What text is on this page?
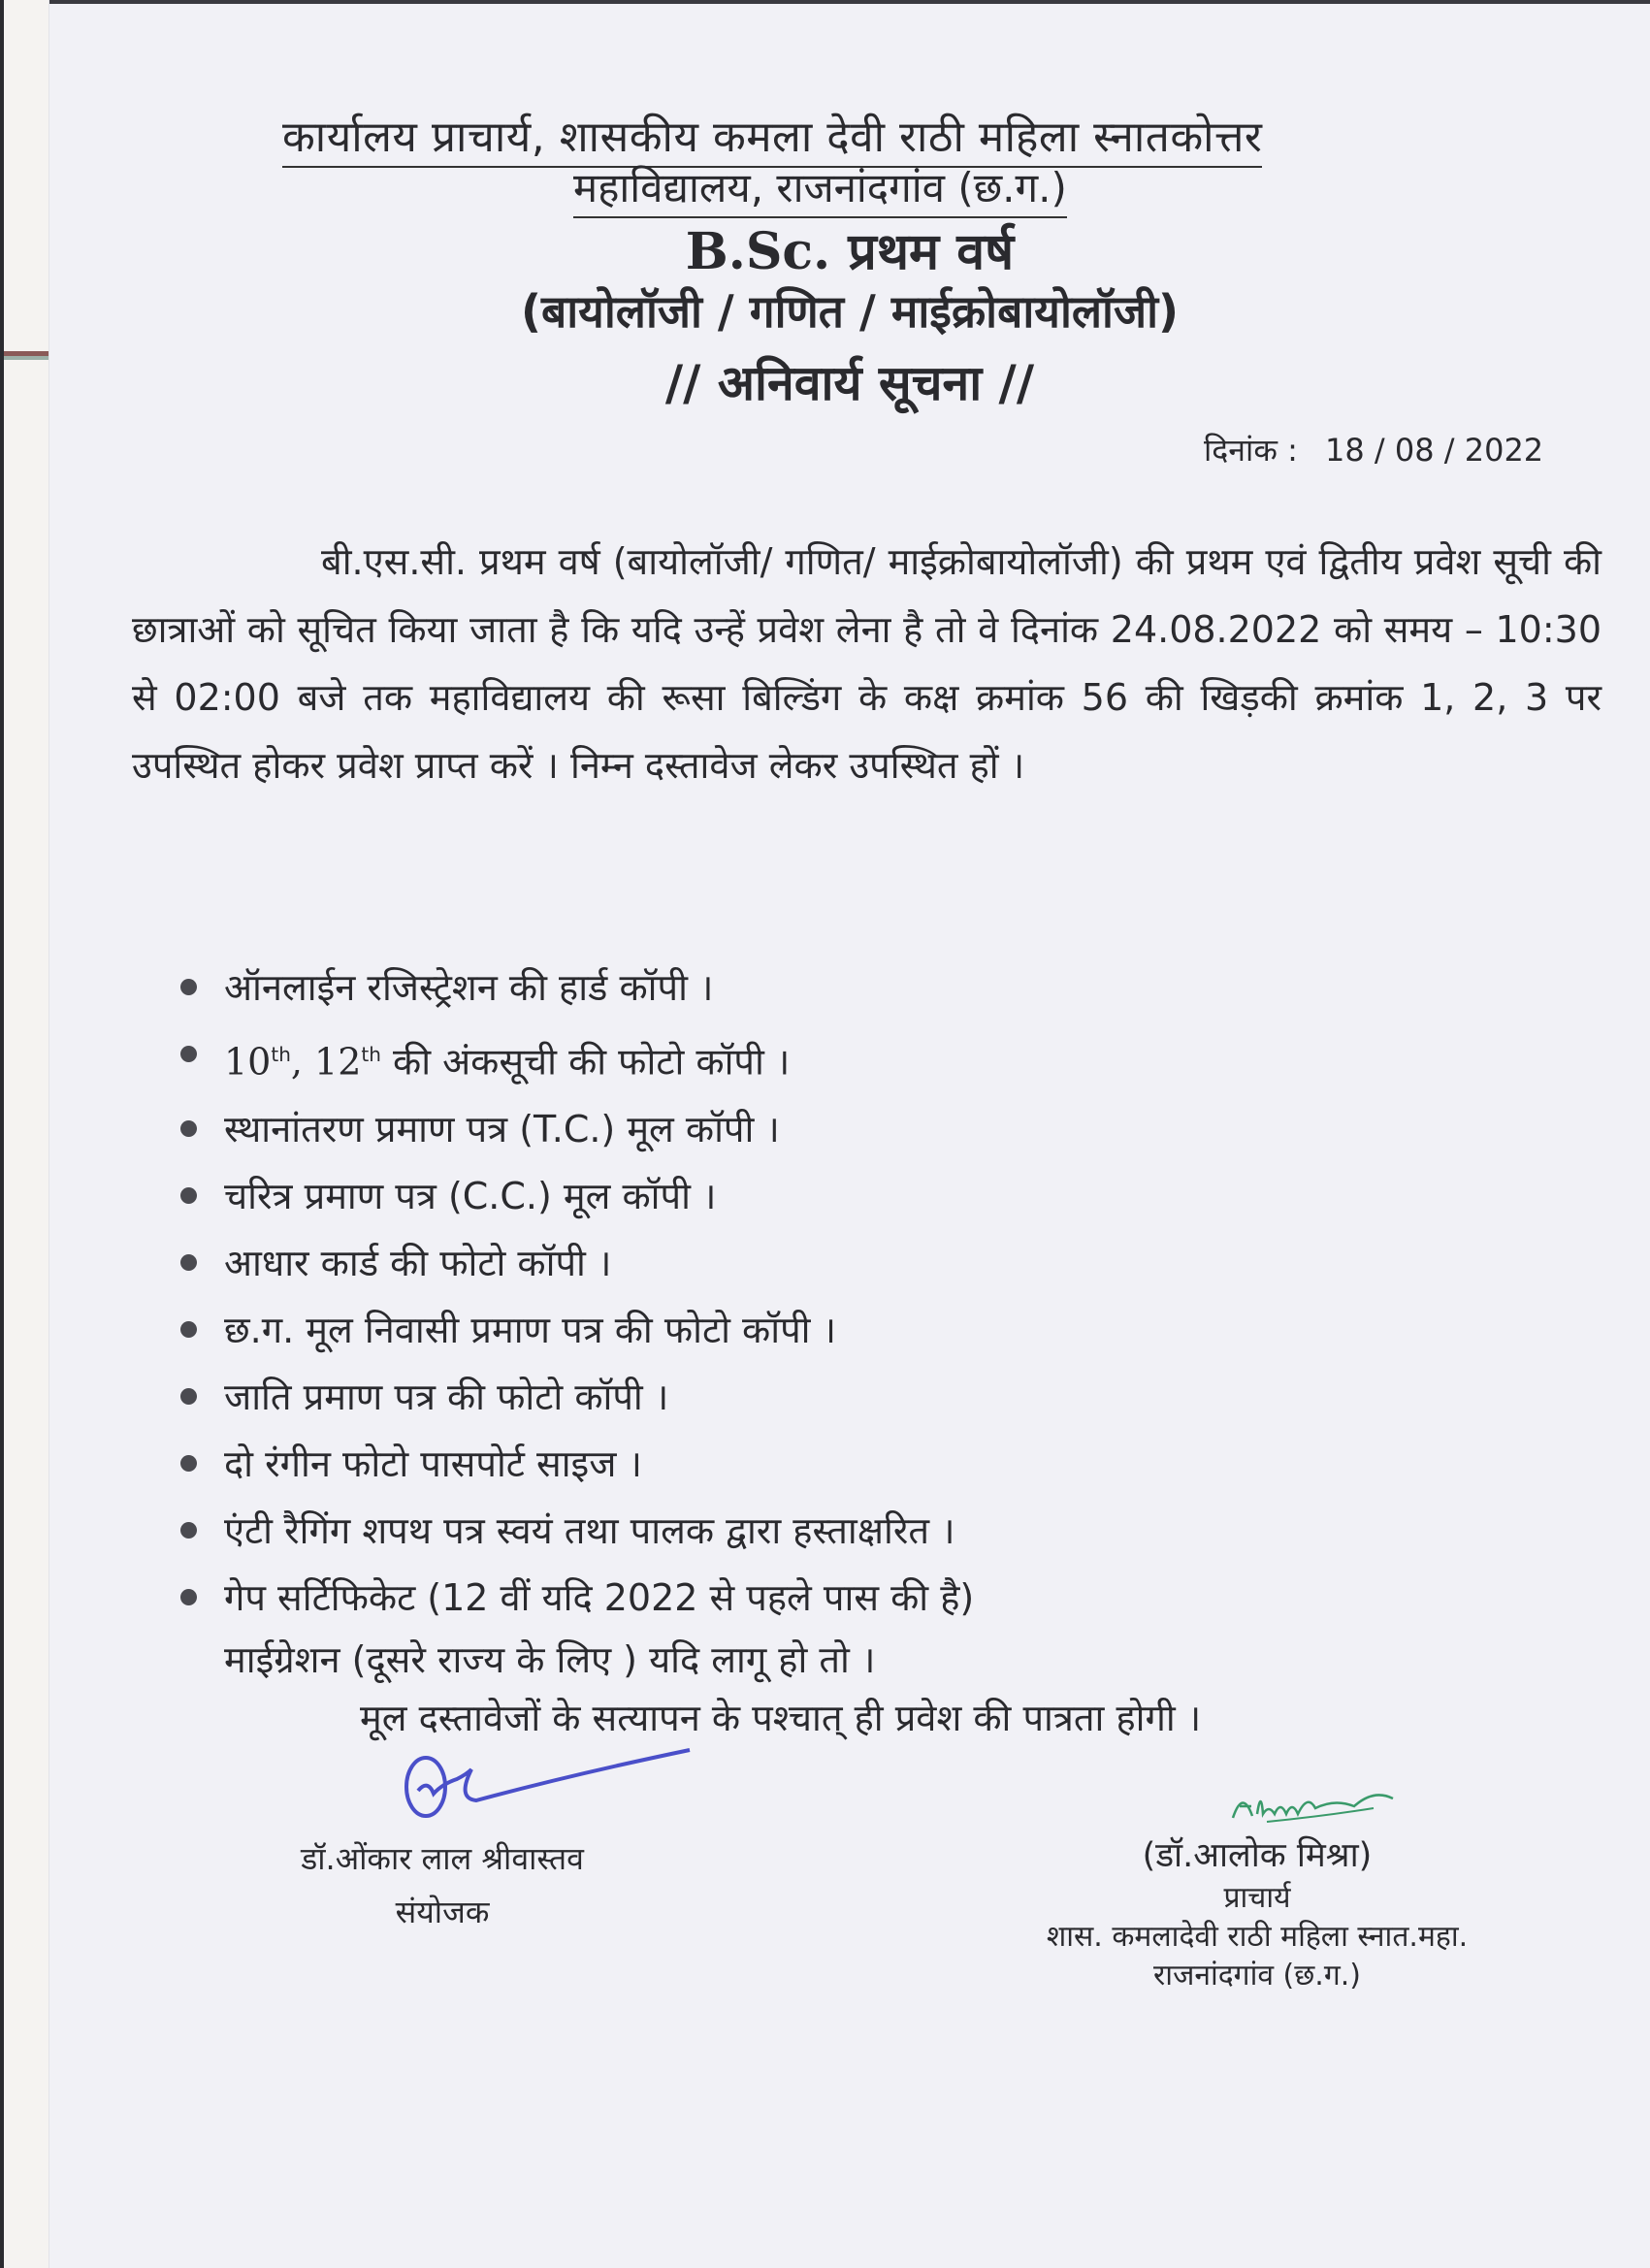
कार्यालय प्राचार्य, शासकीय कमला देवी राठी महिला स्नातकोत्तर
महाविद्यालय, राजनांदगांव (छ.ग.)
B.Sc. प्रथम वर्ष
(बायोलॉजी / गणित / माईक्रोबायोलॉजी)
// अनिवार्य सूचना //
दिनांक : 18 / 08 / 2022
बी.एस.सी. प्रथम वर्ष (बायोलॉजी/ गणित/ माईक्रोबायोलॉजी) की प्रथम एवं द्वितीय प्रवेश सूची की छात्राओं को सूचित किया जाता है कि यदि उन्हें प्रवेश लेना है तो वे दिनांक 24.08.2022 को समय – 10:30 से 02:00 बजे तक महाविद्यालय की रूसा बिल्डिंग के कक्ष क्रमांक 56 की खिड़की क्रमांक 1, 2, 3 पर उपस्थित होकर प्रवेश प्राप्त करें । निम्न दस्तावेज लेकर उपस्थित हों ।
ऑनलाईन रजिस्ट्रेशन की हार्ड कॉपी ।
10th, 12th की अंकसूची की फोटो कॉपी ।
स्थानांतरण प्रमाण पत्र (T.C.) मूल कॉपी ।
चरित्र प्रमाण पत्र (C.C.) मूल कॉपी ।
आधार कार्ड की फोटो कॉपी ।
छ.ग. मूल निवासी प्रमाण पत्र की फोटो कॉपी ।
जाति प्रमाण पत्र की फोटो कॉपी ।
दो रंगीन फोटो पासपोर्ट साइज ।
एंटी रैगिंग शपथ पत्र स्वयं तथा पालक द्वारा हस्ताक्षरित ।
गेप सर्टिफिकेट (12 वीं यदि 2022 से पहले पास की है)
माईग्रेशन (दूसरे राज्य के लिए ) यदि लागू हो तो ।
मूल दस्तावेजों के सत्यापन के पश्चात् ही प्रवेश की पात्रता होगी ।
डॉ.ओंकार लाल श्रीवास्तव
संयोजक
(डॉ.आलोक मिश्रा)
प्राचार्य
शास. कमलादेवी राठी महिला स्नात.महा.
राजनांदगांव (छ.ग.)
